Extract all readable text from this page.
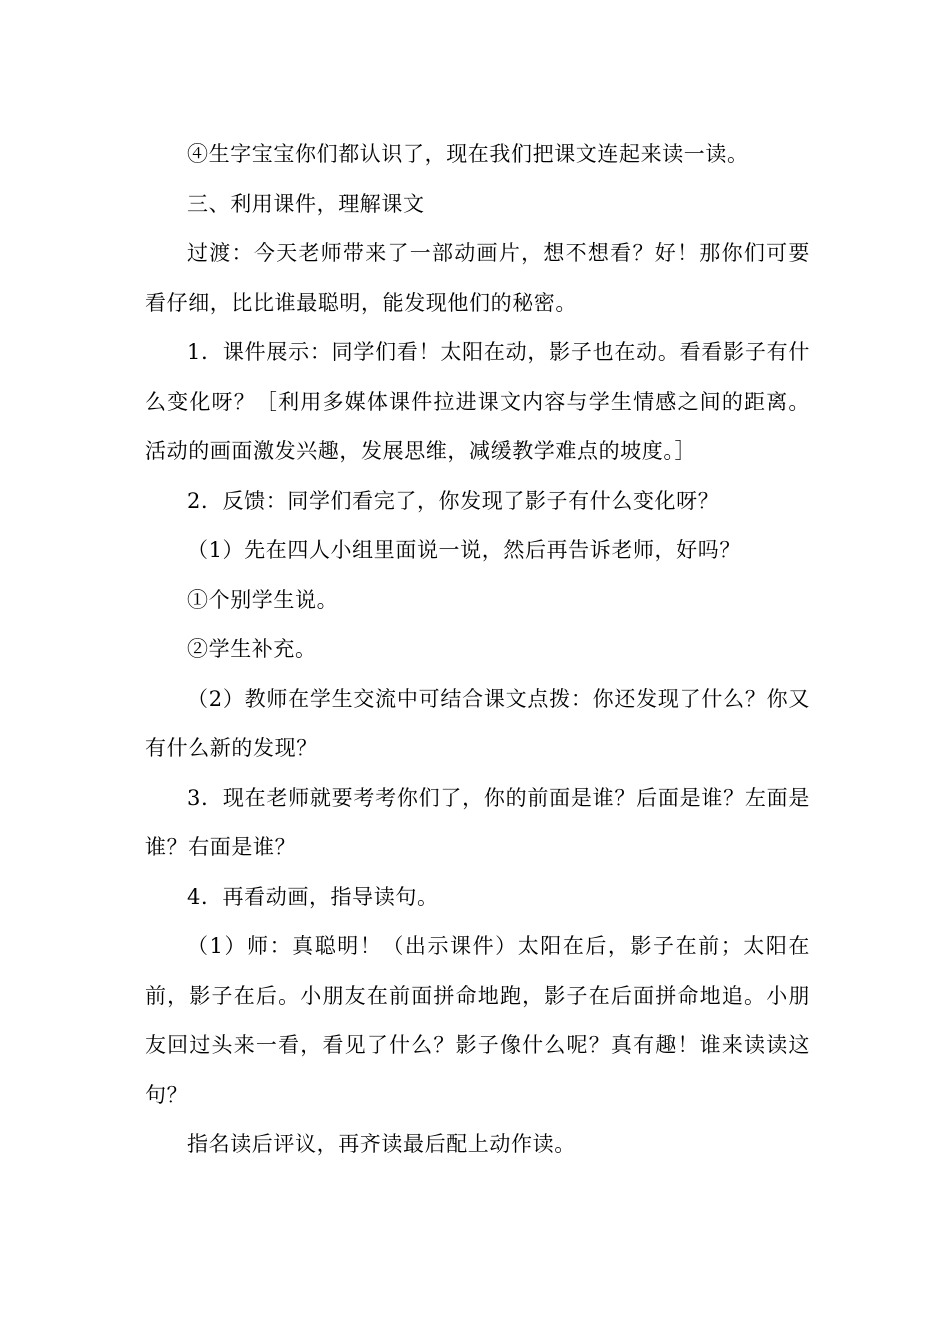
④生字宝宝你们都认识了，现在我们把课文连起来读一读。

三、利用课件，理解课文

过渡：今天老师带来了一部动画片，想不想看？好！那你们可要看仔细，比比谁最聪明，能发现他们的秘密。

1．课件展示：同学们看！太阳在动，影子也在动。看看影子有什么变化呀？［利用多媒体课件拉进课文内容与学生情感之间的距离。活动的画面激发兴趣，发展思维，减缓教学难点的坡度。］

2．反馈：同学们看完了，你发现了影子有什么变化呀？

（1）先在四人小组里面说一说，然后再告诉老师，好吗？

①个别学生说。

②学生补充。

（2）教师在学生交流中可结合课文点拨：你还发现了什么？你又有什么新的发现？

3．现在老师就要考考你们了，你的前面是谁？后面是谁？左面是谁？右面是谁？

4．再看动画，指导读句。

（1）师：真聪明！（出示课件）太阳在后，影子在前；太阳在前，影子在后。小朋友在前面拼命地跑，影子在后面拼命地追。小朋友回过头来一看，看见了什么？影子像什么呢？真有趣！谁来读读这句？

指名读后评议，再齐读最后配上动作读。
